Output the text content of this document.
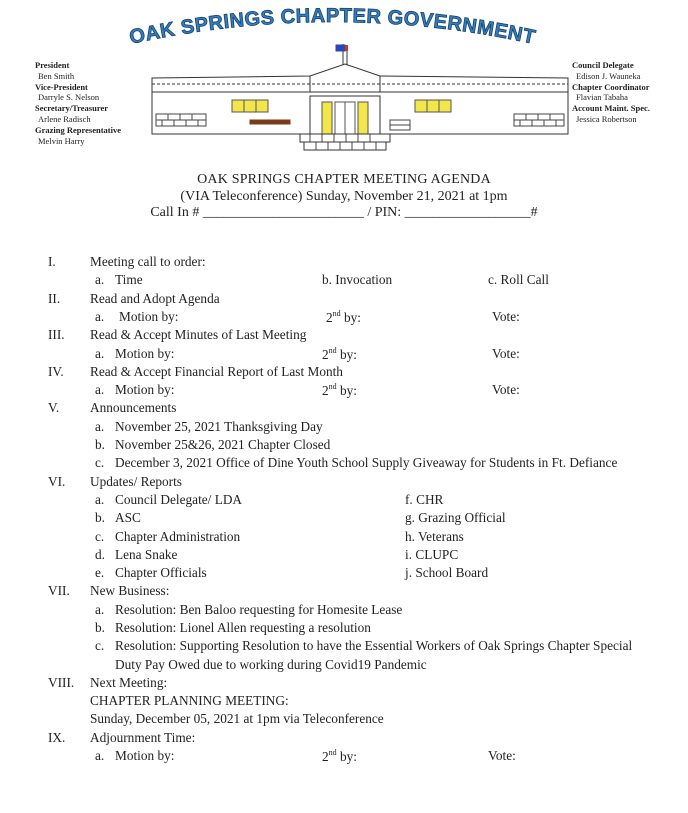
OAK SPRINGS CHAPTER GOVERNMENT
President
Ben Smith
Vice-President
Darryle S. Nelson
Secretary/Treasurer
Arlene Radisch
Grazing Representative
Melvin Harry
Council Delegate
Edison J. Wauneka
Chapter Coordinator
Flavian Tabaha
Account Maint. Spec.
Jessica Robertson
OAK SPRINGS CHAPTER MEETING AGENDA
(VIA Teleconference) Sunday, November 21, 2021 at 1pm
Call In # _______________________ / PIN: __________________#
I.	Meeting call to order:
a. Time	b. Invocation	c. Roll Call
II. Read and Adopt Agenda
a. Motion by:	2nd by:	Vote:
III. Read & Accept Minutes of Last Meeting
a. Motion by:	2nd by:	Vote:
IV. Read & Accept Financial Report of Last Month
a. Motion by:	2nd by:	Vote:
V. Announcements
a. November 25, 2021 Thanksgiving Day
b. November 25&26, 2021 Chapter Closed
c. December 3, 2021 Office of Dine Youth School Supply Giveaway for Students in Ft. Defiance
VI. Updates/ Reports
a. Council Delegate/ LDA	f. CHR
b. ASC	g. Grazing Official
c. Chapter Administration	h. Veterans
d. Lena Snake	i. CLUPC
e. Chapter Officials	j. School Board
VII. New Business:
a. Resolution: Ben Baloo requesting for Homesite Lease
b. Resolution: Lionel Allen requesting a resolution
c. Resolution: Supporting Resolution to have the Essential Workers of Oak Springs Chapter Special
Duty Pay Owed due to working during Covid19 Pandemic
VIII. Next Meeting:
CHAPTER PLANNING MEETING:
Sunday, December 05, 2021 at 1pm via Teleconference
IX. Adjournment Time:
a. Motion by:	2nd by:	Vote:
